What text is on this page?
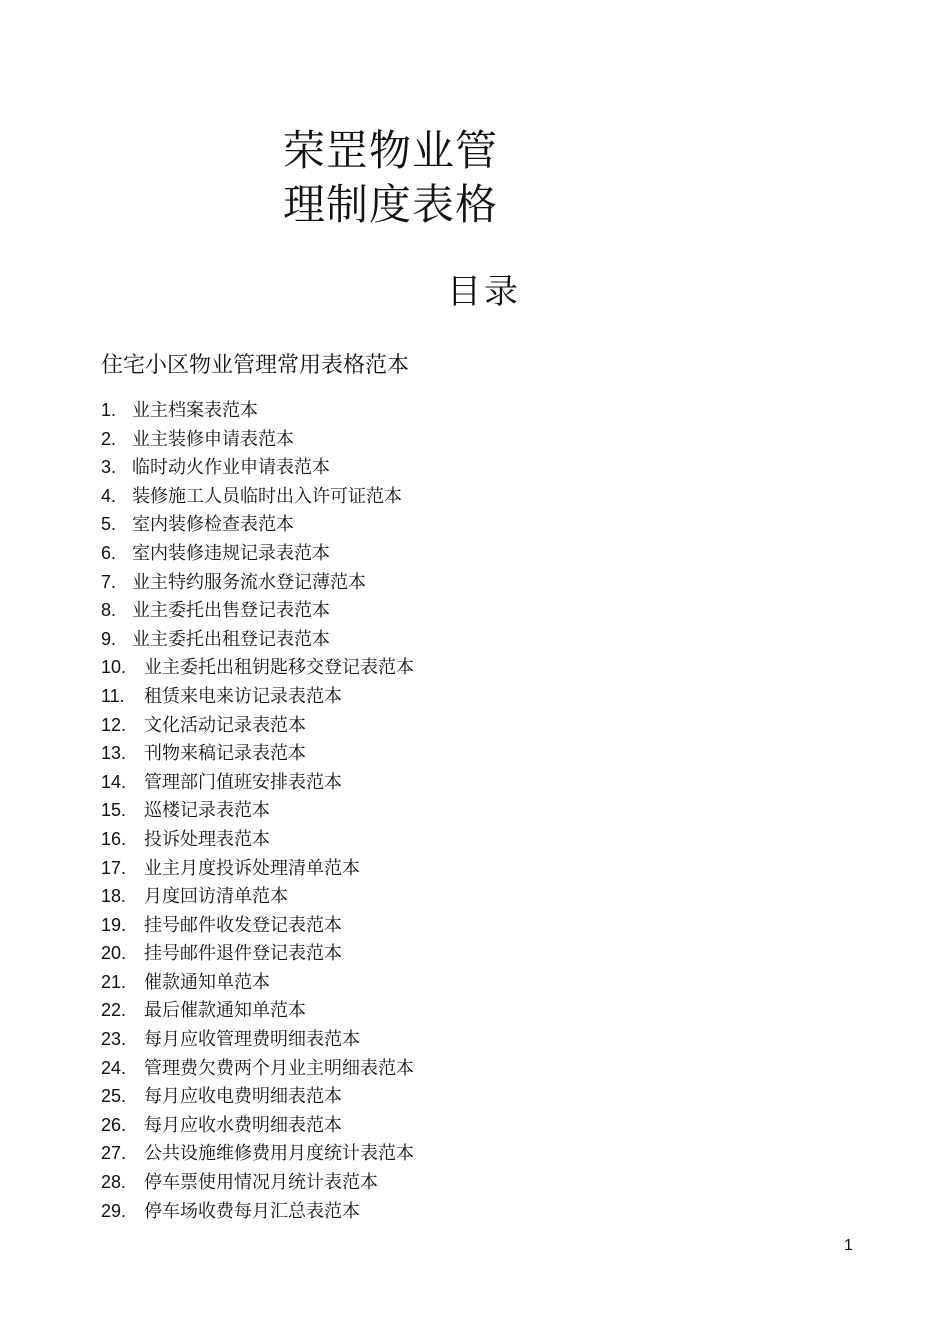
荣罡物业管
理制度表格
目录
住宅小区物业管理常用表格范本
1. 业主档案表范本
2. 业主装修申请表范本
3. 临时动火作业申请表范本
4. 装修施工人员临时出入许可证范本
5. 室内装修检查表范本
6. 室内装修违规记录表范本
7. 业主特约服务流水登记薄范本
8. 业主委托出售登记表范本
9. 业主委托出租登记表范本
10. 业主委托出租钥匙移交登记表范本
11. 租赁来电来访记录表范本
12. 文化活动记录表范本
13. 刊物来稿记录表范本
14. 管理部门值班安排表范本
15. 巡楼记录表范本
16. 投诉处理表范本
17. 业主月度投诉处理清单范本
18. 月度回访清单范本
19. 挂号邮件收发登记表范本
20. 挂号邮件退件登记表范本
21. 催款通知单范本
22. 最后催款通知单范本
23. 每月应收管理费明细表范本
24. 管理费欠费两个月业主明细表范本
25. 每月应收电费明细表范本
26. 每月应收水费明细表范本
27. 公共设施维修费用月度统计表范本
28. 停车票使用情况月统计表范本
29. 停车场收费每月汇总表范本
1
